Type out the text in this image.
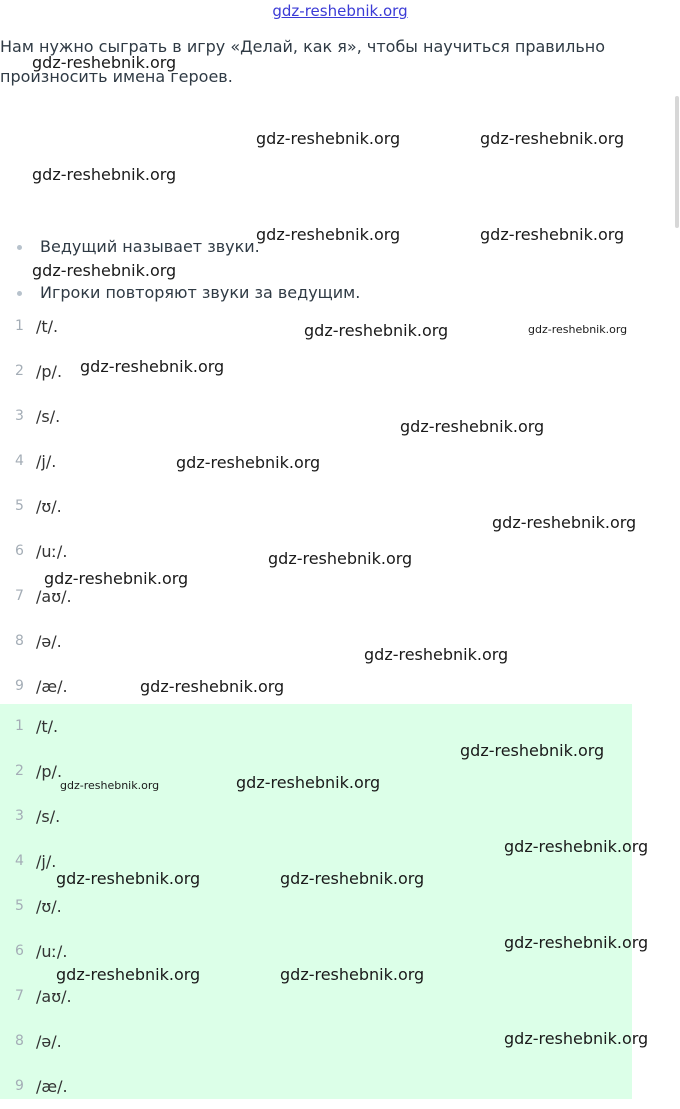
gdz-reshebnik.org
Нам нужно сыграть в игру «Делай, как я», чтобы научиться правильно произносить имена героев.
Ведущий называет звуки.
Игроки повторяют звуки за ведущим.
1 /t/.
2 /p/.
3 /s/.
4 /j/.
5 /ʊ/.
6 /uː/.
7 /aʊ/.
8 /ə/.
9 /æ/.
1 /t/.
2 /p/.
3 /s/.
4 /j/.
5 /ʊ/.
6 /uː/.
7 /aʊ/.
8 /ə/.
9 /æ/.
gdz-reshebnik.org
gdz-reshebnik.org	gdz-reshebnik.org
gdz-reshebnik.org
gdz-reshebnik.org	gdz-reshebnik.org
gdz-reshebnik.org
gdz-reshebnik.org	gdz-reshebnik.org
gdz-reshebnik.org
gdz-reshebnik.org
gdz-reshebnik.org
gdz-reshebnik.org
gdz-reshebnik.org
gdz-reshebnik.org
gdz-reshebnik.org
gdz-reshebnik.org
gdz-reshebnik.org
gdz-reshebnik.org	gdz-reshebnik.org
gdz-reshebnik.org
gdz-reshebnik.org	gdz-reshebnik.org
gdz-reshebnik.org
gdz-reshebnik.org	gdz-reshebnik.org
gdz-reshebnik.org
